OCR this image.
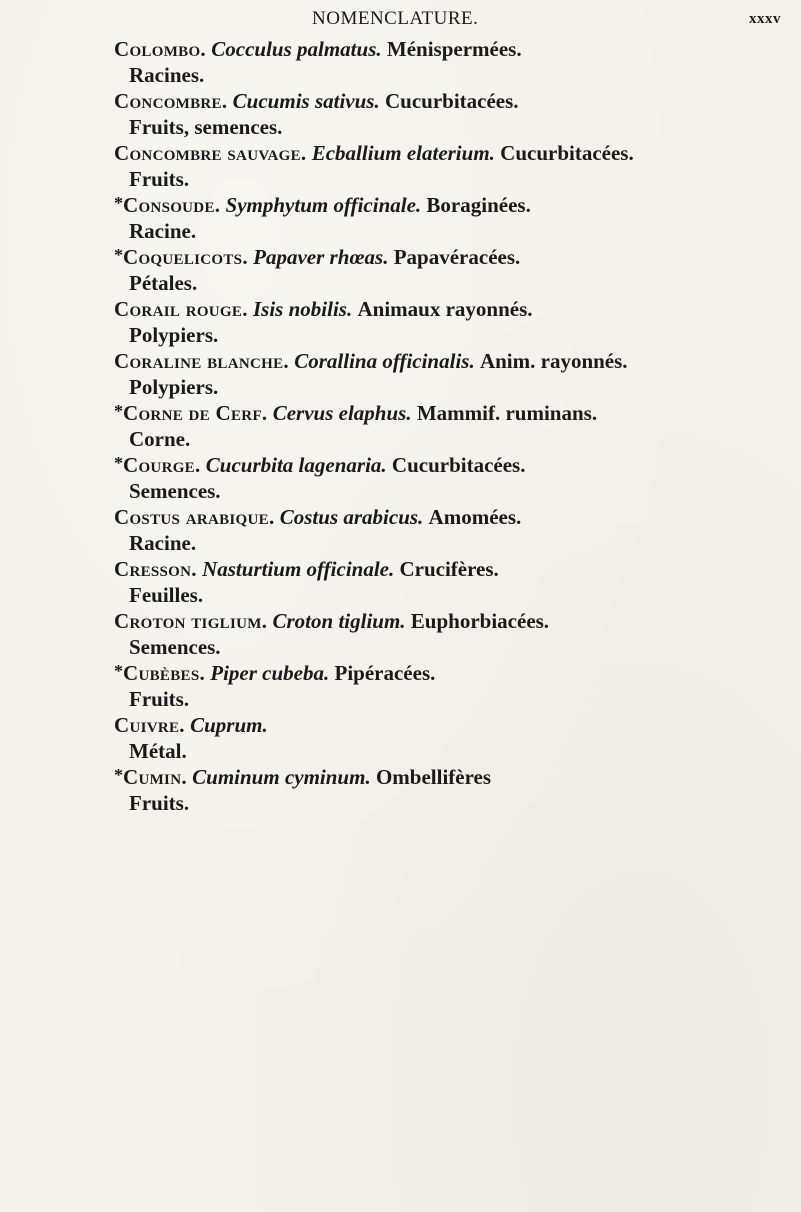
NOMENCLATURE.	xxxv
Colombo. Cocculus palmatus. Ménispermées.
Racines.
Concombre. Cucumis sativus. Cucurbitacées.
Fruits, semences.
Concombre sauvage. Ecballium elaterium. Cucurbitacées.
Fruits.
*Consoude. Symphytum officinale. Boraginées.
Racine.
*Coquelicots. Papaver rhœas. Papavéracées.
Pétales.
Corail rouge. Isis nobilis. Animaux rayonnés.
Polypiers.
Coraline blanche. Corallina officinalis. Anim. rayonnés.
Polypiers.
*Corne de Cerf. Cervus elaphus. Mammif. ruminans.
Corne.
*Courge. Cucurbita lagenaria. Cucurbitacées.
Semences.
Costus arabique. Costus arabicus. Amomées.
Racine.
Cresson. Nasturtium officinale. Crucifères.
Feuilles.
Croton tiglium. Croton tiglium. Euphorbiacées.
Semences.
*Cubèbes. Piper cubeba. Pipéracées.
Fruits.
Cuivre. Cuprum.
Métal.
*Cumin. Cuminum cyminum. Ombellifères
Fruits.
